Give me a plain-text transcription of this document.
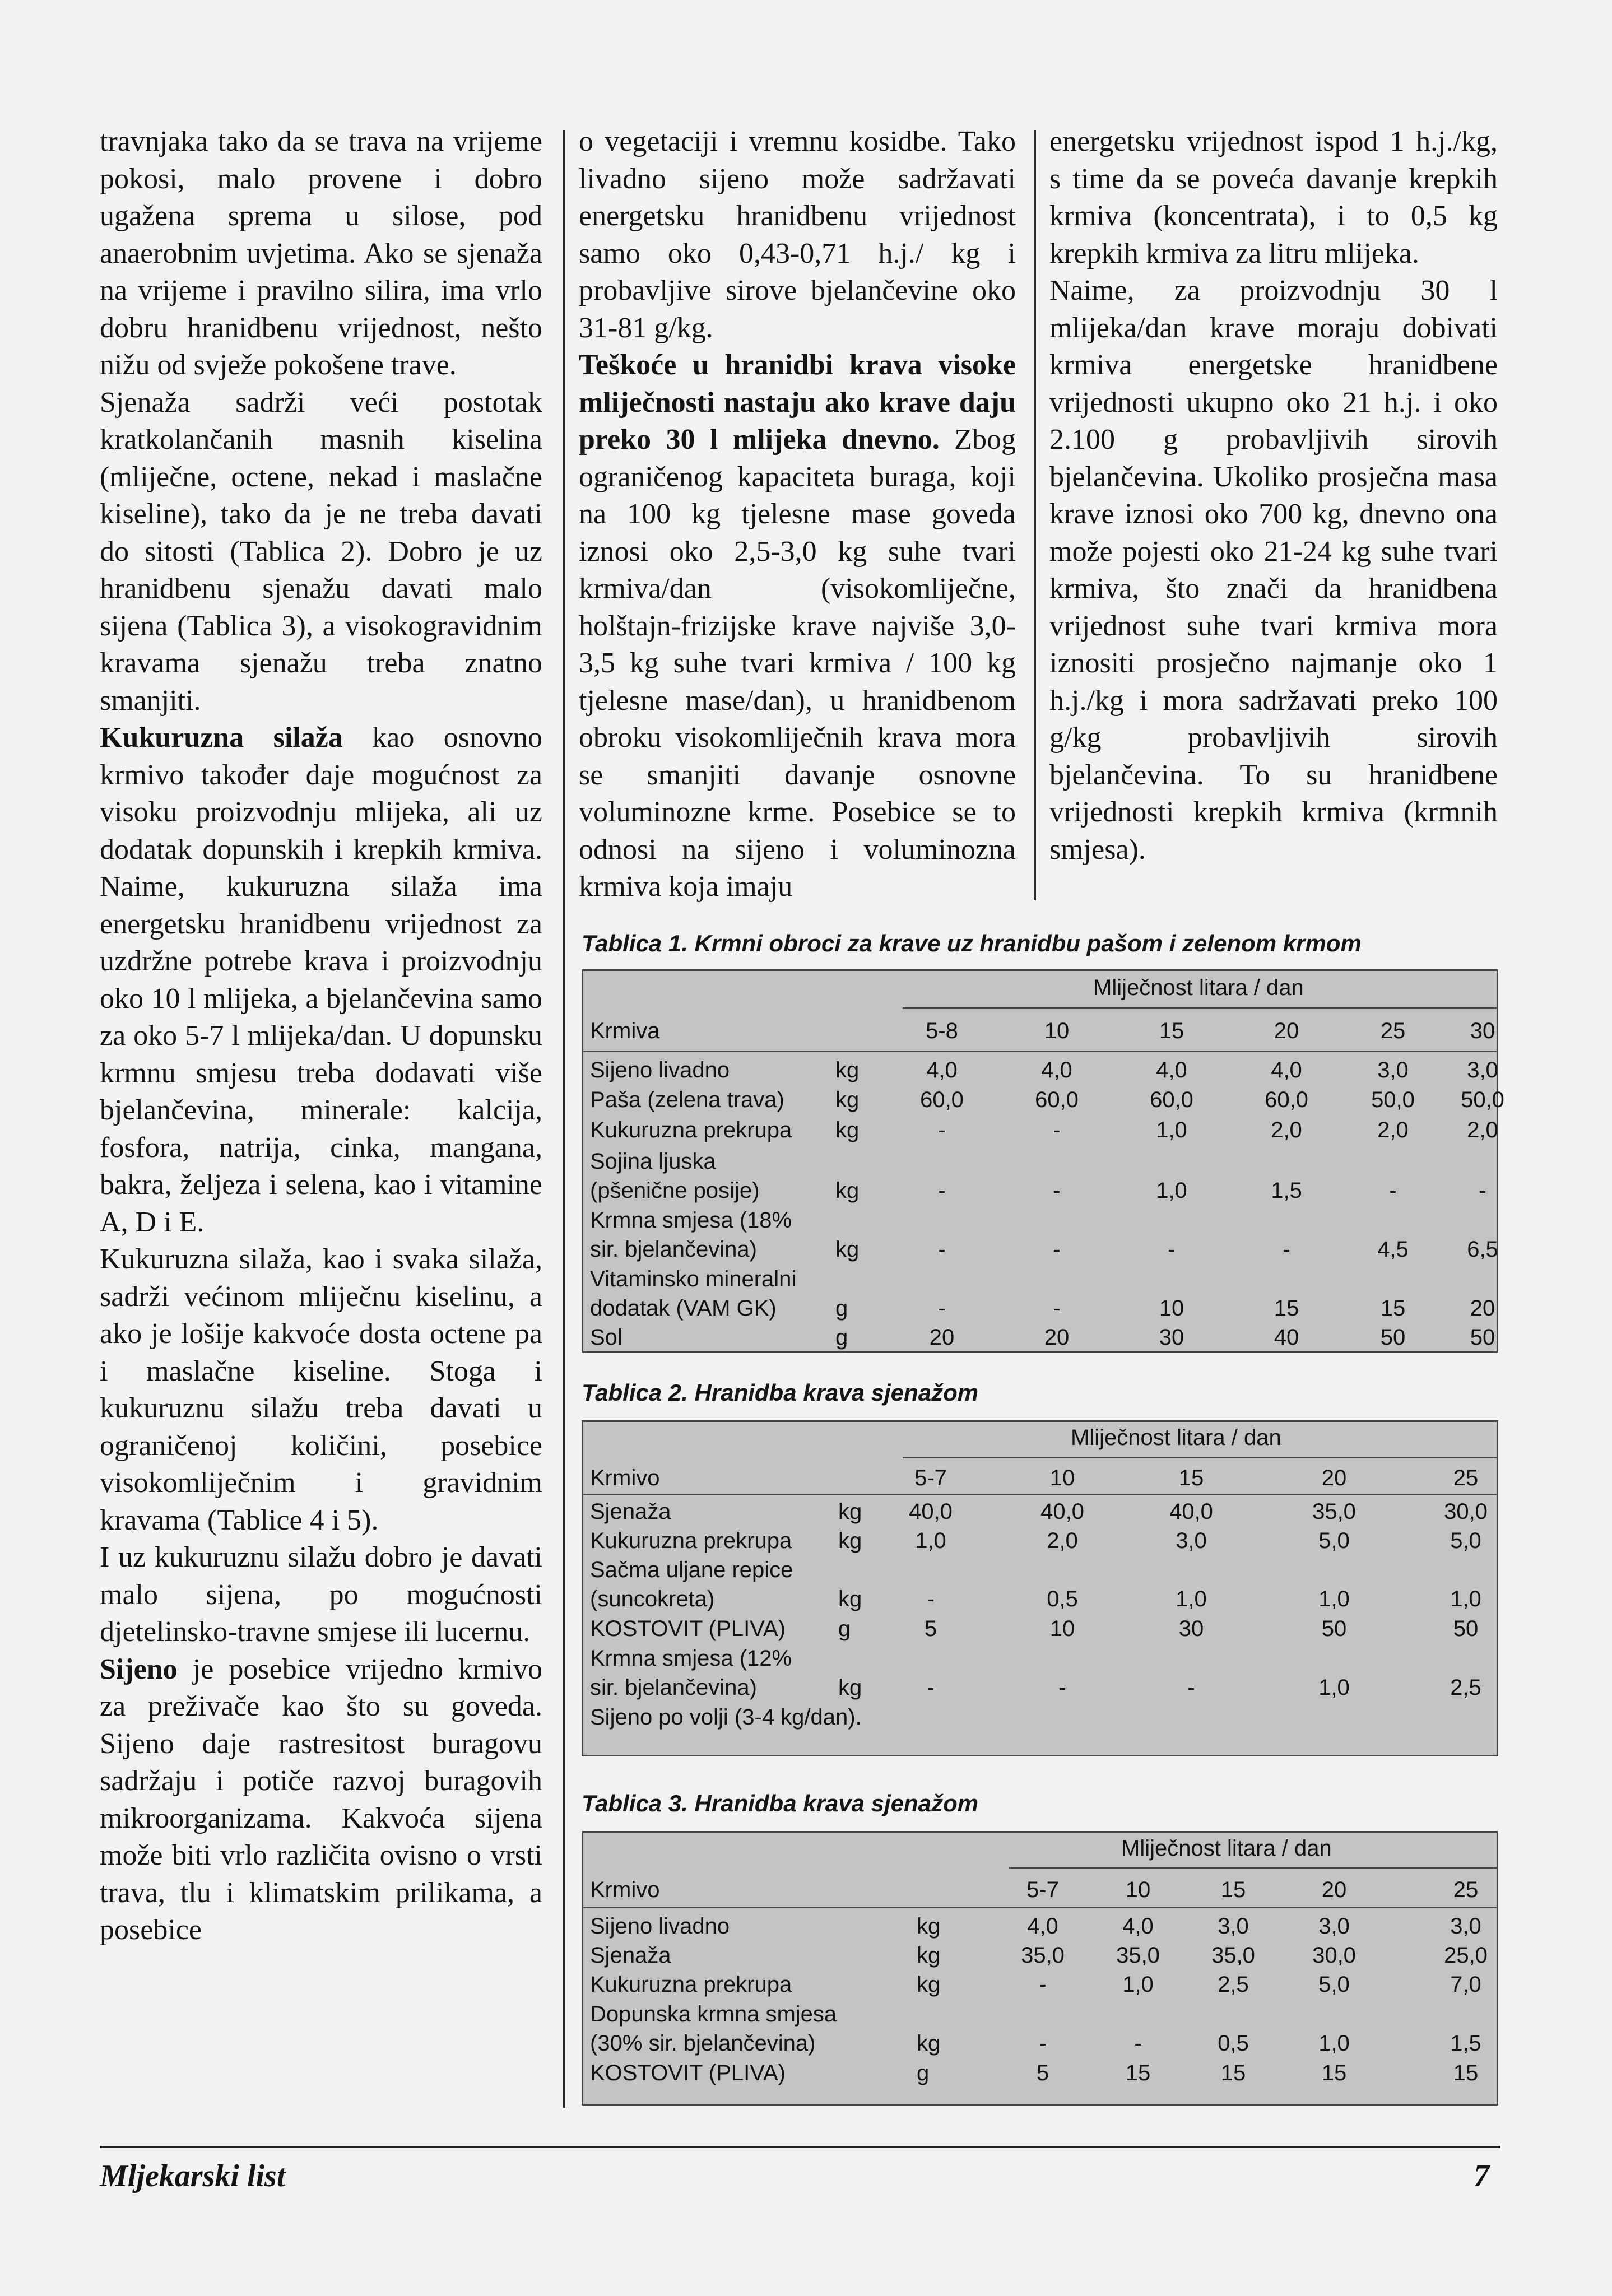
travnjaka tako da se trava na vrijeme pokosi, malo provene i dobro ugažena sprema u silose, pod anaerobnim uvjetima. Ako se sjenaža na vrijeme i pravilno silira, ima vrlo dobru hranidbenu vrijednost, nešto nižu od svježe pokošene trave.

Sjenaža sadrži veći postotak kratkolančanih masnih kiselina (mliječne, octene, nekad i maslačne kiseline), tako da je ne treba davati do sitosti (Tablica 2). Dobro je uz hranidbenu sjenažu davati malo sijena (Tablica 3), a visokogravidnim kravama sjenažu treba znatno smanjiti.

Kukuruzna silaža kao osnovno krmivo također daje mogućnost za visoku proizvodnju mlijeka, ali uz dodatak dopunskih i krepkih krmiva. Naime, kukuruzna silaža ima energetsku hranidbenu vrijednost za uzdržne potrebe krava i proizvodnju oko 10 l mlijeka, a bjelančevina samo za oko 5-7 l mlijeka/dan. U dopunsku krmnu smjesu treba dodavati više bjelančevina, minerale: kalcija, fosfora, natrija, cinka, mangana, bakra, željeza i selena, kao i vitamine A, D i E.

Kukuruzna silaža, kao i svaka silaža, sadrži većinom mliječnu kiselinu, a ako je lošije kakvoće dosta octene pa i maslačne kiseline. Stoga i kukuruznu silažu treba davati u ograničenoj količini, posebice visokomliječnim i gravidnim kravama (Tablice 4 i 5).

I uz kukuruznu silažu dobro je davati malo sijena, po mogućnosti djetelinsko-travne smjese ili lucernu.

Sijeno je posebice vrijedno krmivo za preživače kao što su goveda. Sijeno daje rastresitost buragovu sadržaju i potiče razvoj buragovih mikroorganizama. Kakvoća sijena može biti vrlo različita ovisno o vrsti trava, tlu i klimatskim prilikama, a posebice

o vegetaciji i vremnu kosidbe. Tako livadno sijeno može sadržavati energetsku hranidbenu vrijednost samo oko 0,43-0,71 h.j./ kg i probavljive sirove bjelančevine oko 31-81 g/kg.

Teškoće u hranidbi krava visoke mliječnosti nastaju ako krave daju preko 30 l mlijeka dnevno. Zbog ograničenog kapaciteta buraga, koji na 100 kg tjelesne mase goveda iznosi oko 2,5-3,0 kg suhe tvari krmiva/dan (visokomliječne, holštajn-frizijske krave najviše 3,0-3,5 kg suhe tvari krmiva / 100 kg tjelesne mase/dan), u hranidbenom obroku visokomliječnih krava mora se smanjiti davanje osnovne voluminozne krme. Posebice se to odnosi na sijeno i voluminozna krmiva koja imaju

energetsku vrijednost ispod 1 h.j./kg, s time da se poveća davanje krepkih krmiva (koncentrata), i to 0,5 kg krepkih krmiva za litru mlijeka.

Naime, za proizvodnju 30 l mlijeka/dan krave moraju dobivati krmiva energetske hranidbene vrijednosti ukupno oko 21 h.j. i oko 2.100 g probavljivih sirovih bjelančevina. Ukoliko prosječna masa krave iznosi oko 700 kg, dnevno ona može pojesti oko 21-24 kg suhe tvari krmiva, što znači da hranidbena vrijednost suhe tvari krmiva mora iznositi prosječno najmanje oko 1 h.j./kg i mora sadržavati preko 100 g/kg probavljivih sirovih bjelančevina. To su hranidbene vrijednosti krepkih krmiva (krmnih smjesa).

Tablica 1. Krmni obroci za krave uz hranidbu pašom i zelenom krmom
Mliječnost litara / dan
Krmiva	5-8	10	15	20	25	30
Sijeno livadno	kg	4,0	4,0	4,0	4,0	3,0	3,0
Paša (zelena trava) kg	60,0	60,0	60,0	60,0	50,0 50,0
Kukuruzna prekrupa kg	-	-	1,0	2,0	2,0	2,0
Sojina ljuska
(pšenične posije)	kg	-	-	1,0	1,5	-	-
Krmna smjesa (18%
sir. bjelančevina)	kg	-	-	-	-	4,5	6,5
Vitaminsko mineralni
dodatak (VAM GK)	g	-	-	10	15	15	20
Sol	g	20	20	30	40	50	50
Tablica 2. Hranidba krava sjenažom
Mliječnost litara / dan
Krmivo	5-7	10	15	20	25
Sjenaža	kg 40,0	40,0	40,0	35,0	30,0
Kukuruzna prekrupa kg 1,0	2,0	3,0	5,0	5,0
Sačma uljane repice
(suncokreta)	kg	-	0,5	1,0	1,0	1,0
KOSTOVIT (PLIVA) g	5	10	30	50	50
Krmna smjesa (12%
sir. bjelančevina)	kg	-	-	-	1,0	2,5
Sijeno po volji (3-4 kg/dan).
Tablica 3. Hranidba krava sjenažom
Mliječnost litara / dan
Krmivo	5-7	10	15	20	25
Sijeno livadno	kg	4,0	4,0	3,0	3,0	3,0
Sjenaža	kg	35,0 35,0 35,0	30,0	25,0
Kukuruzna prekrupa	kg	-	1,0	2,5	5,0	7,0
Dopunska krmna smjesa
(30% sir. bjelančevina)	kg	-	-	0,5	1,0	1,5
KOSTOVIT (PLIVA)	g	5	15	15	15	15
Mljekarski list	7
